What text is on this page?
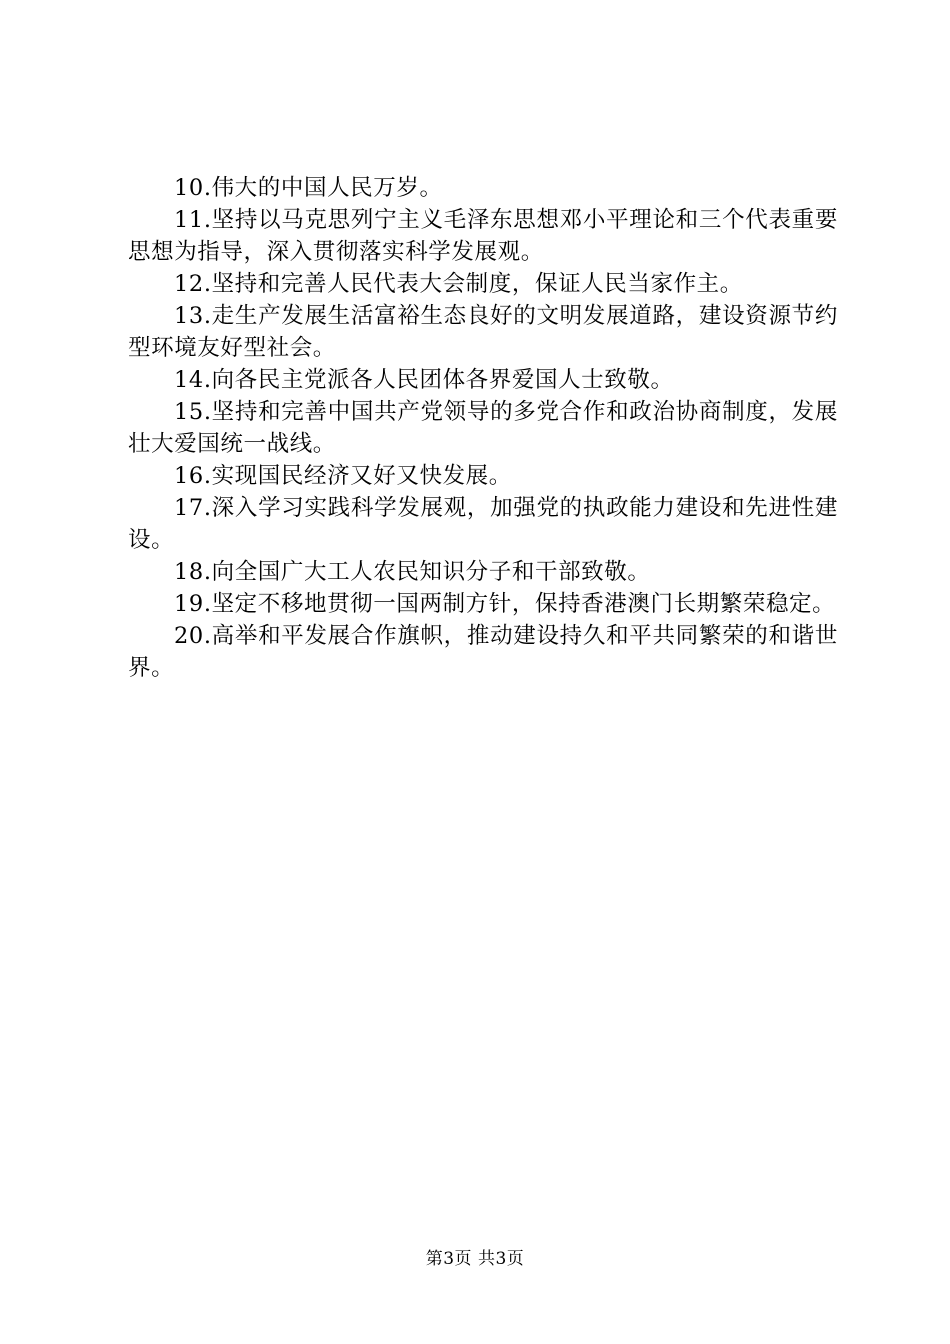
10.伟大的中国人民万岁。

11.坚持以马克思列宁主义毛泽东思想邓小平理论和三个代表重要思想为指导，深入贯彻落实科学发展观。

12.坚持和完善人民代表大会制度，保证人民当家作主。

13.走生产发展生活富裕生态良好的文明发展道路，建设资源节约型环境友好型社会。

14.向各民主党派各人民团体各界爱国人士致敬。

15.坚持和完善中国共产党领导的多党合作和政治协商制度，发展壮大爱国统一战线。

16.实现国民经济又好又快发展。

17.深入学习实践科学发展观，加强党的执政能力建设和先进性建设。

18.向全国广大工人农民知识分子和干部致敬。

19.坚定不移地贯彻一国两制方针，保持香港澳门长期繁荣稳定。

20.高举和平发展合作旗帜，推动建设持久和平共同繁荣的和谐世界。

第3页 共3页
